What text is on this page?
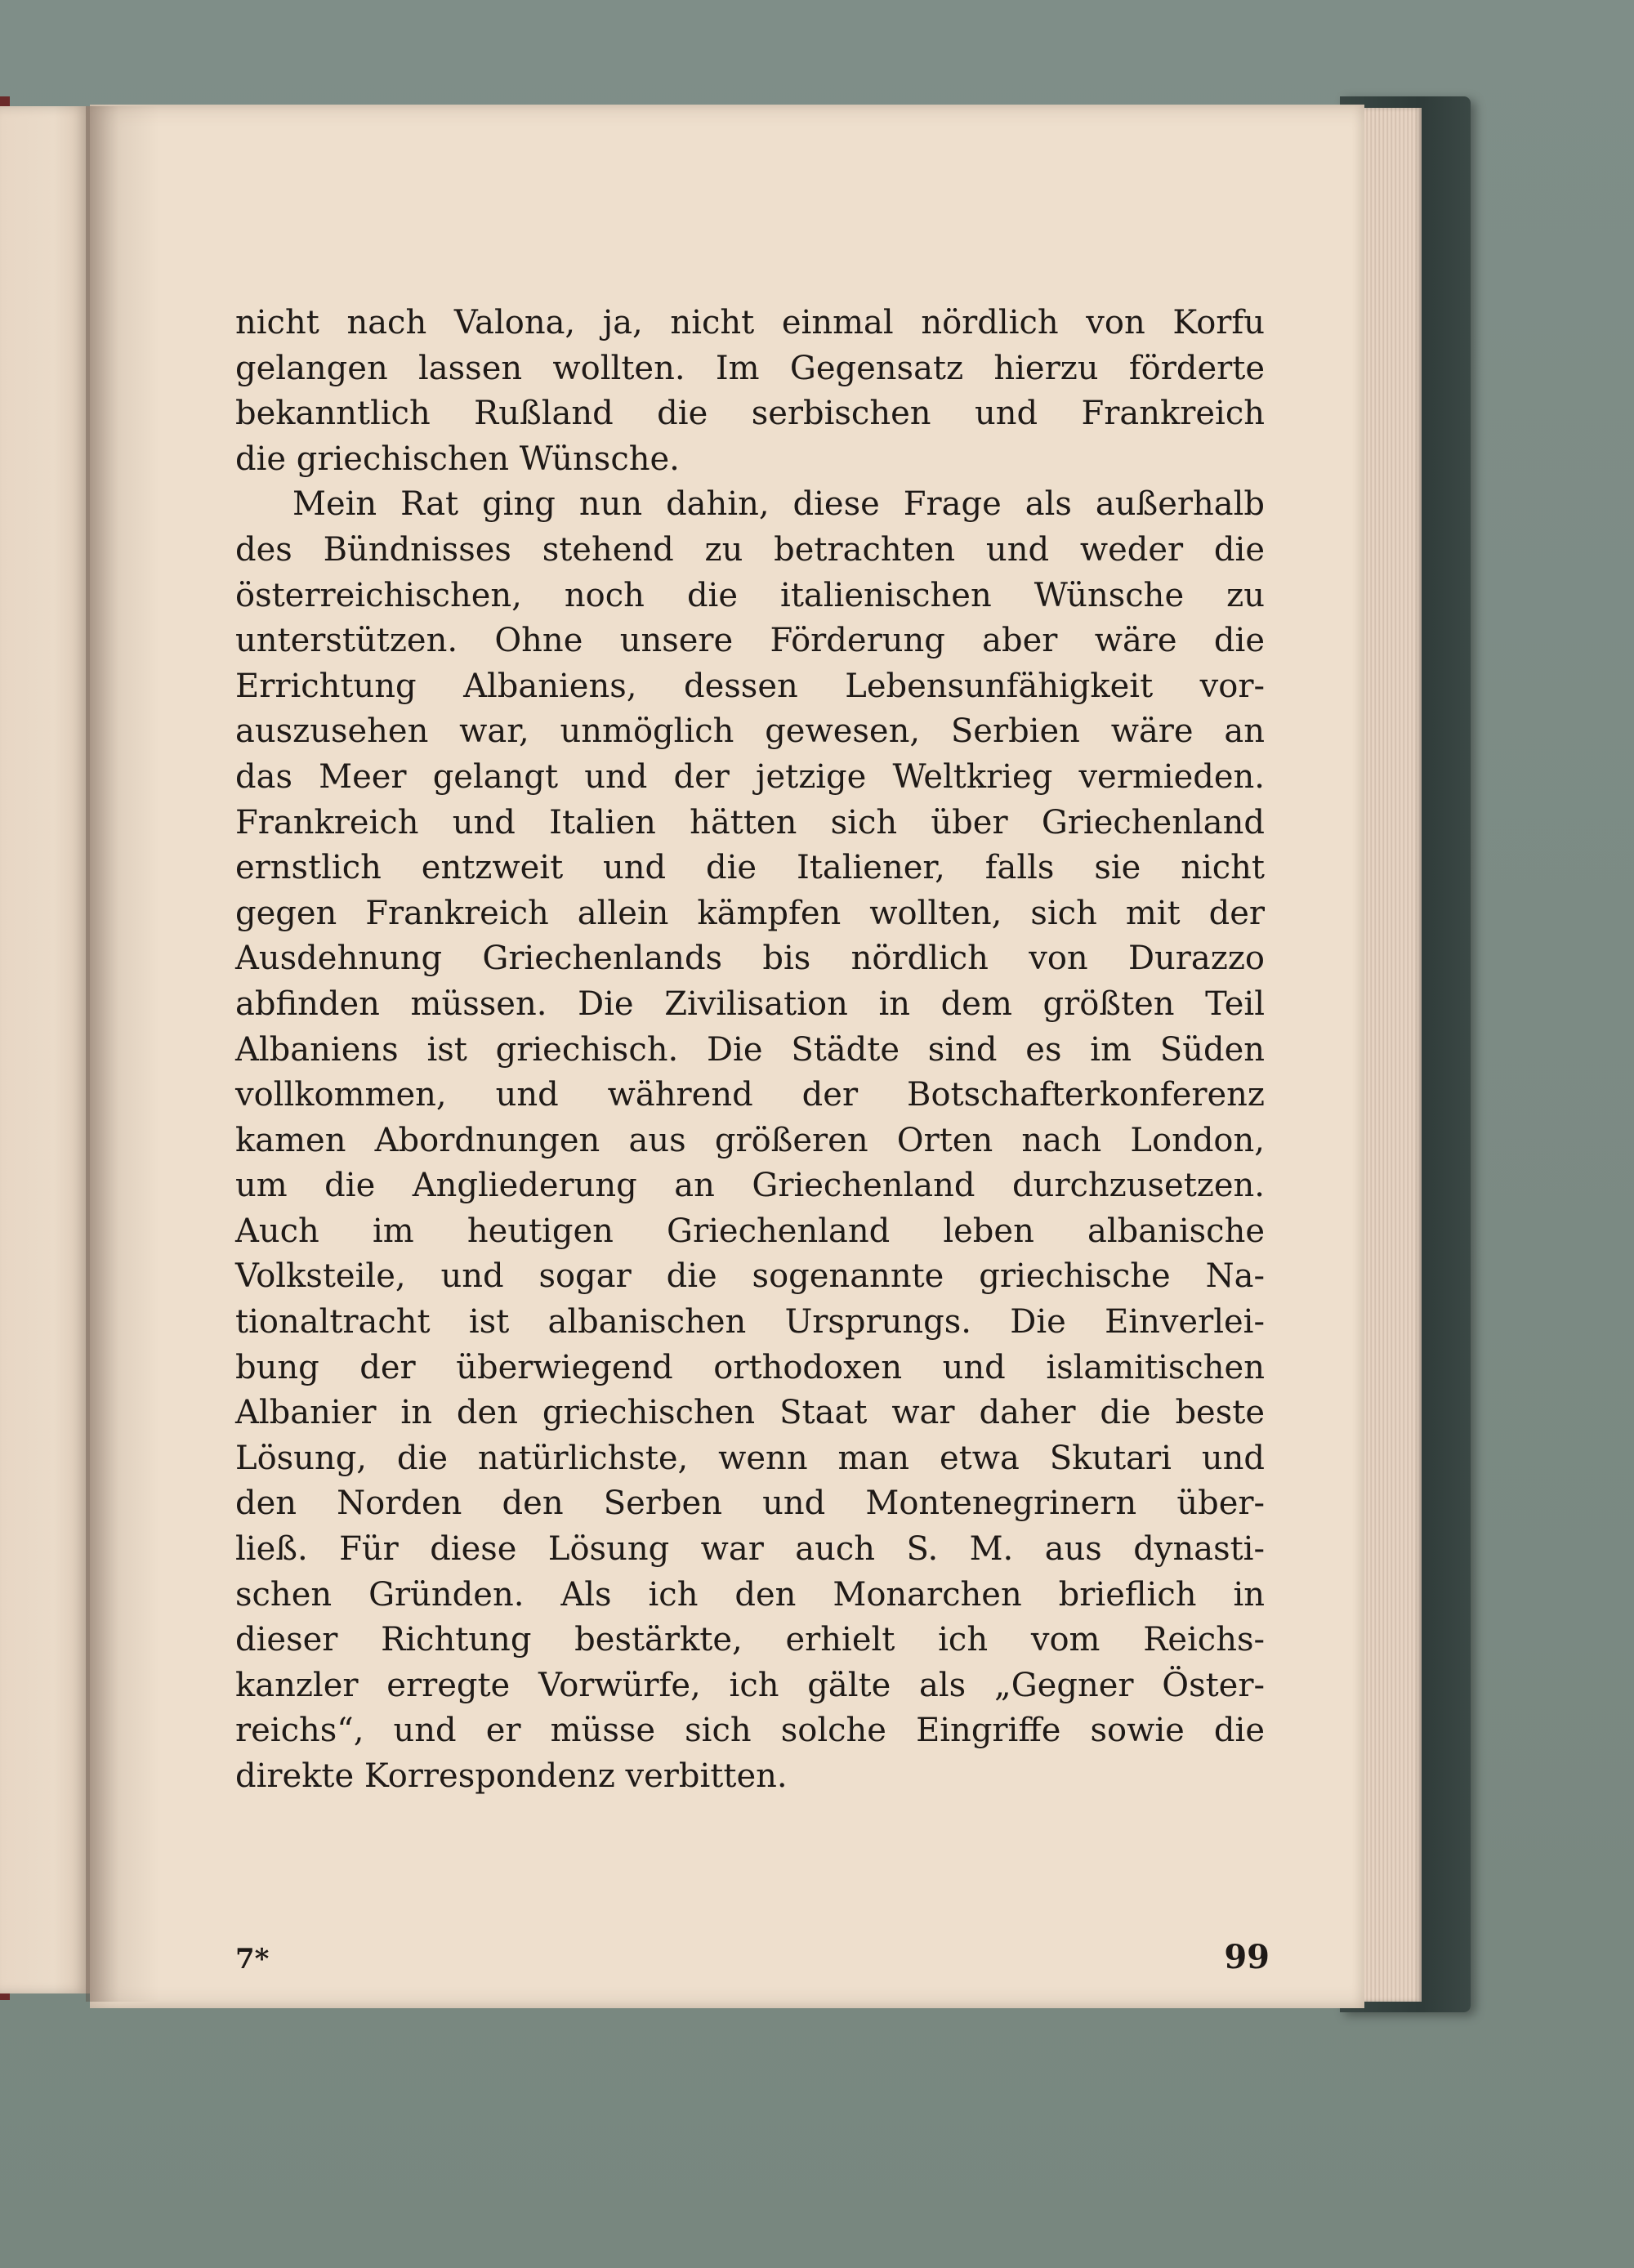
nicht nach Valona, ja, nicht einmal nördlich von Korfu
gelangen lassen wollten. Im Gegensatz hierzu förderte
bekanntlich Rußland die serbischen und Frankreich
die griechischen Wünsche.
Mein Rat ging nun dahin, diese Frage als außerhalb
des Bündnisses stehend zu betrachten und weder die
österreichischen, noch die italienischen Wünsche zu
unterstützen. Ohne unsere Förderung aber wäre die
Errichtung Albaniens, dessen Lebensunfähigkeit vor-
auszusehen war, unmöglich gewesen, Serbien wäre an
das Meer gelangt und der jetzige Weltkrieg vermieden.
Frankreich und Italien hätten sich über Griechenland
ernstlich entzweit und die Italiener, falls sie nicht
gegen Frankreich allein kämpfen wollten, sich mit der
Ausdehnung Griechenlands bis nördlich von Durazzo
abfinden müssen. Die Zivilisation in dem größten Teil
Albaniens ist griechisch. Die Städte sind es im Süden
vollkommen, und während der Botschafterkonferenz
kamen Abordnungen aus größeren Orten nach London,
um die Angliederung an Griechenland durchzusetzen.
Auch im heutigen Griechenland leben albanische
Volksteile, und sogar die sogenannte griechische Na-
tionaltracht ist albanischen Ursprungs. Die Einverlei-
bung der überwiegend orthodoxen und islamitischen
Albanier in den griechischen Staat war daher die beste
Lösung, die natürlichste, wenn man etwa Skutari und
den Norden den Serben und Montenegrinern über-
ließ. Für diese Lösung war auch S. M. aus dynasti-
schen Gründen. Als ich den Monarchen brieflich in
dieser Richtung bestärkte, erhielt ich vom Reichs-
kanzler erregte Vorwürfe, ich gälte als „Gegner Öster-
reichs“, und er müsse sich solche Eingriffe sowie die
direkte Korrespondenz verbitten.
7*	99
